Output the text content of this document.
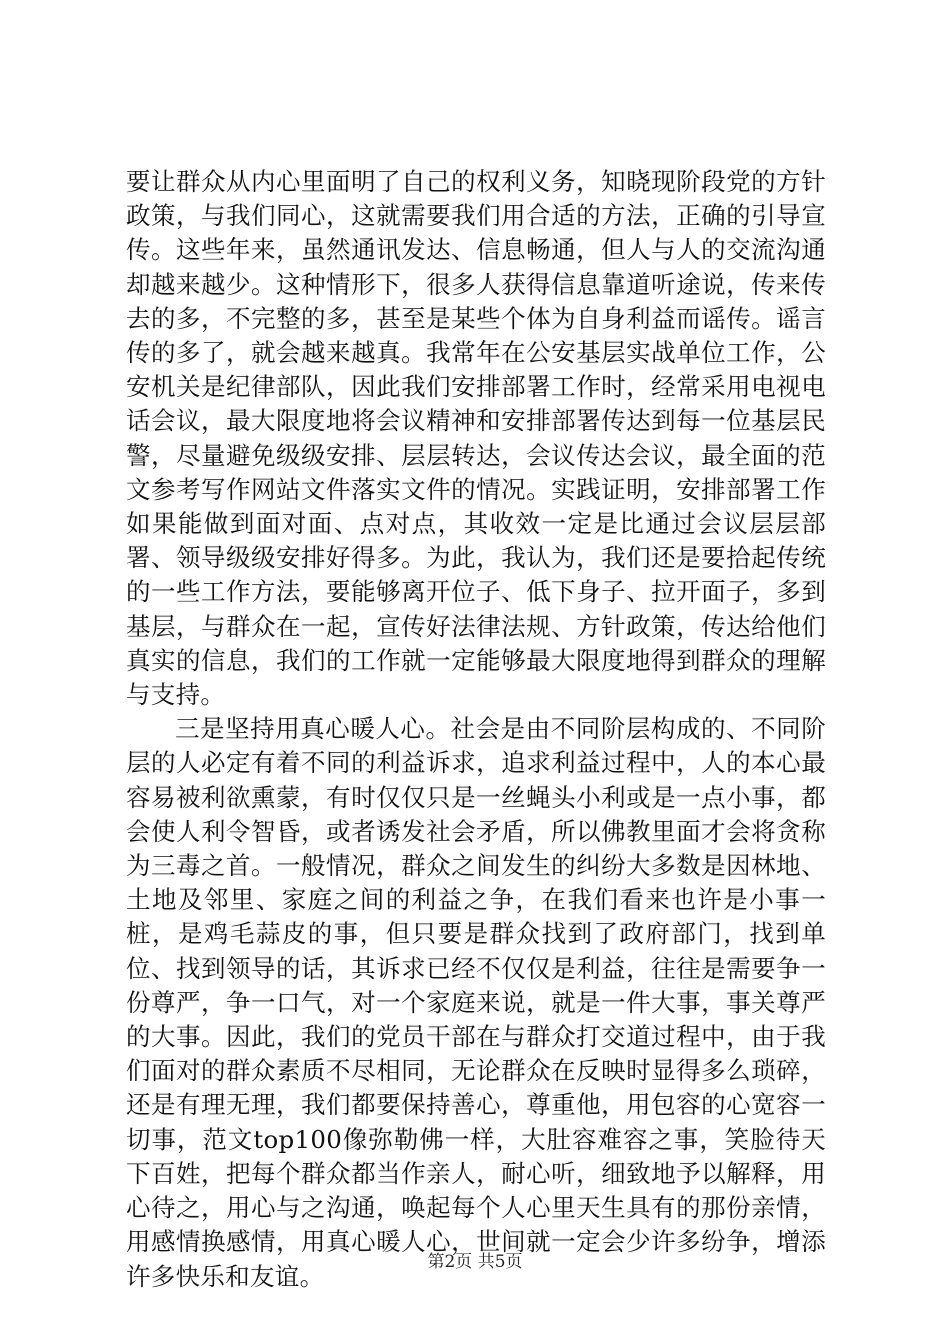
要让群众从内心里面明了自己的权利义务，知晓现阶段党的方针政策，与我们同心，这就需要我们用合适的方法，正确的引导宣传。这些年来，虽然通讯发达、信息畅通，但人与人的交流沟通却越来越少。这种情形下，很多人获得信息靠道听途说，传来传去的多，不完整的多，甚至是某些个体为自身利益而谣传。谣言传的多了，就会越来越真。我常年在公安基层实战单位工作，公安机关是纪律部队，因此我们安排部署工作时，经常采用电视电话会议，最大限度地将会议精神和安排部署传达到每一位基层民警，尽量避免级级安排、层层转达，会议传达会议，最全面的范文参考写作网站文件落实文件的情况。实践证明，安排部署工作如果能做到面对面、点对点，其收效一定是比通过会议层层部署、领导级级安排好得多。为此，我认为，我们还是要拾起传统的一些工作方法，要能够离开位子、低下身子、拉开面子，多到基层，与群众在一起，宣传好法律法规、方针政策，传达给他们真实的信息，我们的工作就一定能够最大限度地得到群众的理解与支持。

三是坚持用真心暖人心。社会是由不同阶层构成的、不同阶层的人必定有着不同的利益诉求，追求利益过程中，人的本心最容易被利欲熏蒙，有时仅仅只是一丝蝇头小利或是一点小事，都会使人利令智昏，或者诱发社会矛盾，所以佛教里面才会将贪称为三毒之首。一般情况，群众之间发生的纠纷大多数是因林地、土地及邻里、家庭之间的利益之争，在我们看来也许是小事一桩，是鸡毛蒜皮的事，但只要是群众找到了政府部门，找到单位、找到领导的话，其诉求已经不仅仅是利益，往往是需要争一份尊严，争一口气，对一个家庭来说，就是一件大事，事关尊严的大事。因此，我们的党员干部在与群众打交道过程中，由于我们面对的群众素质不尽相同，无论群众在反映时显得多么琐碎，还是有理无理，我们都要保持善心，尊重他，用包容的心宽容一切事，范文top100像弥勒佛一样，大肚容难容之事，笑脸待天下百姓，把每个群众都当作亲人，耐心听，细致地予以解释，用心待之，用心与之沟通，唤起每个人心里天生具有的那份亲情，用感情换感情，用真心暖人心，世间就一定会少许多纷争，增添许多快乐和友谊。	第2页 共5页
